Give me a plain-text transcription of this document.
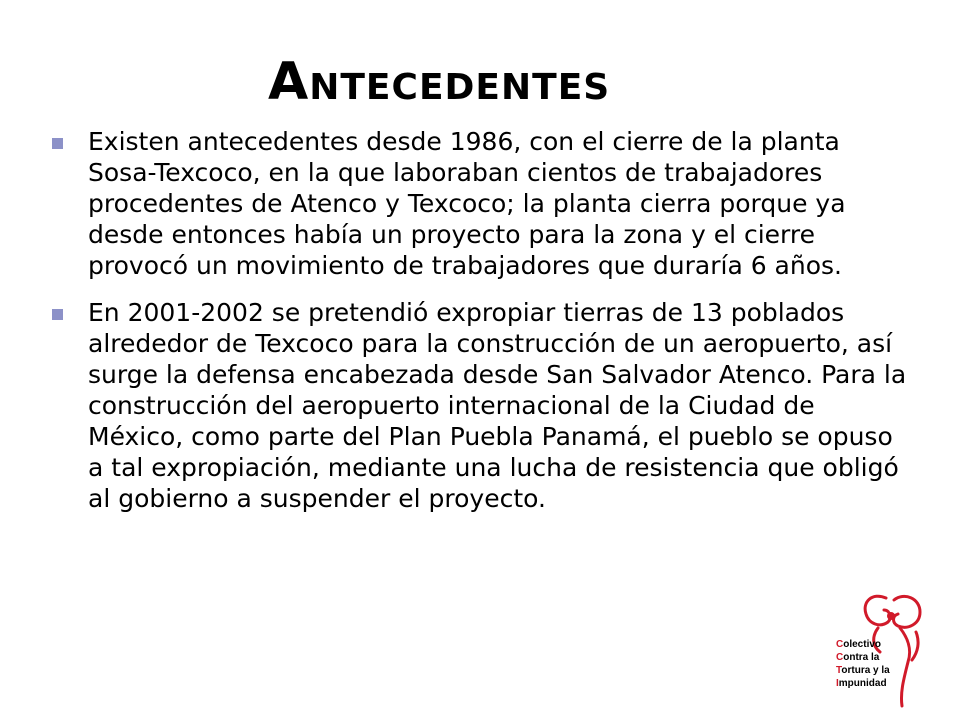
Antecedentes
Existen antecedentes desde 1986, con el cierre de la planta Sosa-Texcoco, en la que laboraban cientos de trabajadores procedentes de Atenco y Texcoco; la planta cierra porque ya desde entonces había un proyecto para la zona y el cierre provocó un movimiento de trabajadores que duraría 6 años.
En 2001-2002 se pretendió expropiar tierras de 13 poblados alrededor de Texcoco para la construcción de un aeropuerto, así surge la defensa encabezada desde San Salvador Atenco. Para la construcción del aeropuerto internacional de la Ciudad de México, como parte del Plan Puebla Panamá, el pueblo se opuso a tal expropiación, mediante una lucha de resistencia que obligó al gobierno a suspender el proyecto.
Colectivo
Contra la
Tortura y la
Impunidad
